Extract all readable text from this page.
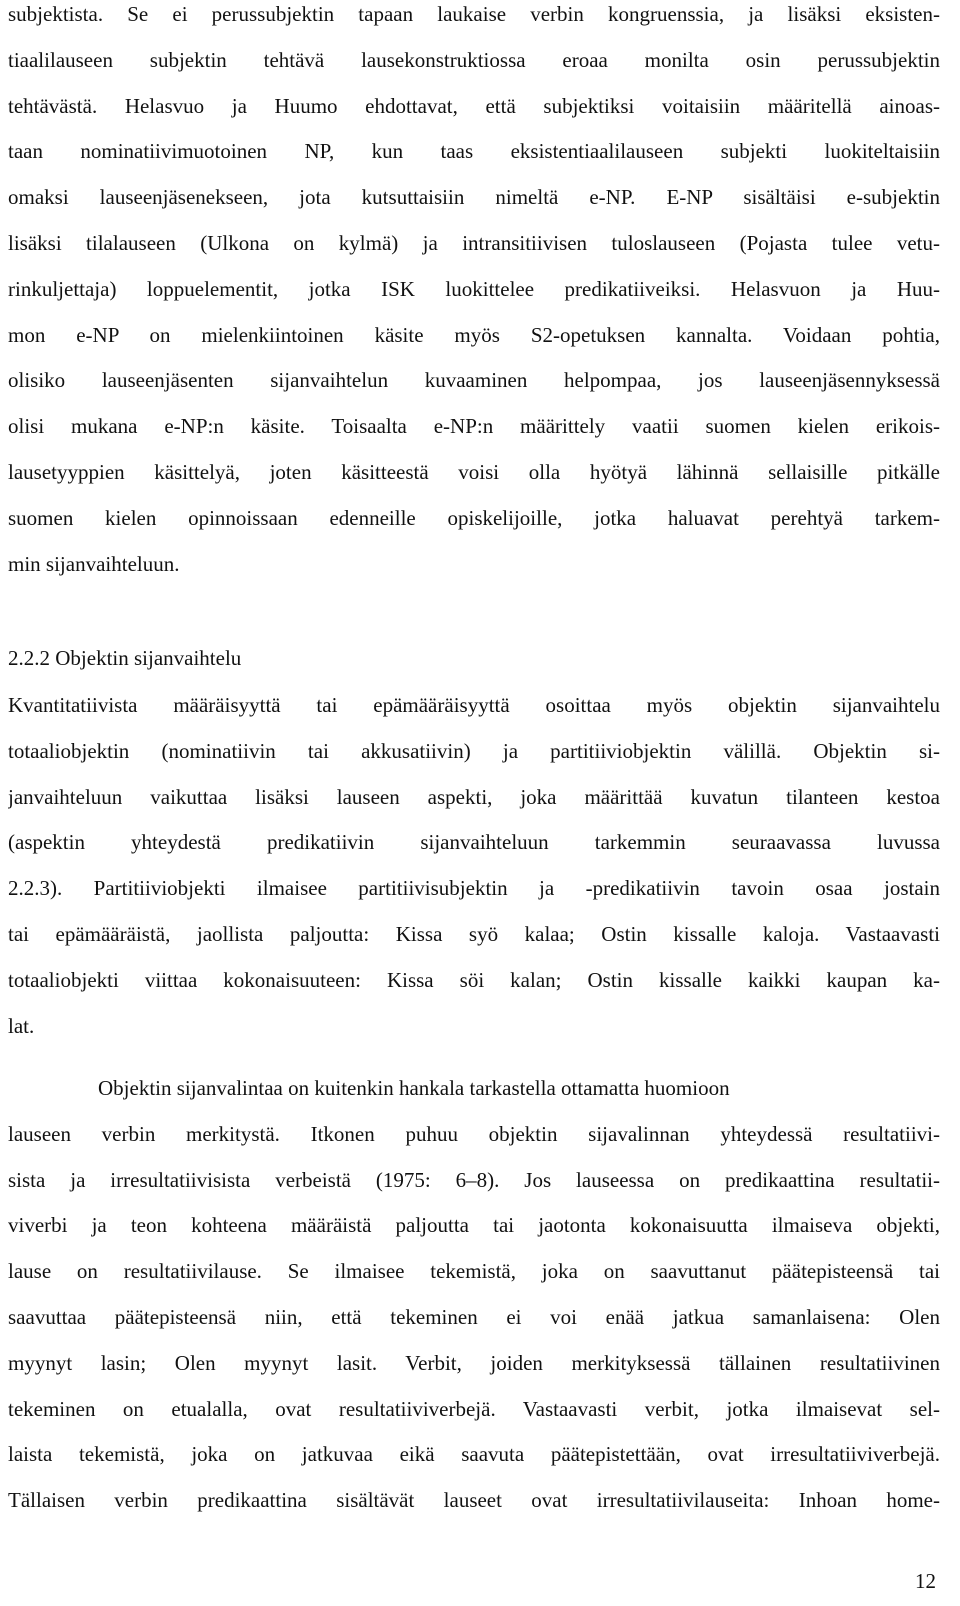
subjektista. Se ei perussubjektin tapaan laukaise verbin kongruenssia, ja lisäksi eksisten-
tiaalilauseen subjektin tehtävä lausekonstruktiossa eroaa monilta osin perussubjektin
tehtävästä. Helasvuo ja Huumo ehdottavat, että subjektiksi voitaisiin määritellä ainoas-
taan nominatiivimuotoinen NP, kun taas eksistentiaalilauseen subjekti luokiteltaisiin
omaksi lauseenjäsenekseen, jota kutsuttaisiin nimeltä e-NP. E-NP sisältäisi e-subjektin
lisäksi tilalauseen (Ulkona on kylmä) ja intransitiivisen tuloslauseen (Pojasta tulee vetu-
rinkuljettaja) loppuelementit, jotka ISK luokittelee predikatiiveiksi. Helasvuon ja Huu-
mon e-NP on mielenkiintoinen käsite myös S2-opetuksen kannalta. Voidaan pohtia,
olisiko lauseenjäsenten sijanvaihtelun kuvaaminen helpompaa, jos lauseenjäsennyksessä
olisi mukana e-NP:n käsite. Toisaalta e-NP:n määrittely vaatii suomen kielen erikois-
lausetyyppien käsittelyä, joten käsitteestä voisi olla hyötyä lähinnä sellaisille pitkälle
suomen kielen opinnoissaan edenneille opiskelijoille, jotka haluavat perehtyä tarkem-
min sijanvaihteluun.
2.2.2 Objektin sijanvaihtelu
Kvantitatiivista määräisyyttä tai epämääräisyyttä osoittaa myös objektin sijanvaihtelu
totaaliobjektin (nominatiivin tai akkusatiivin) ja partitiiviobjektin välillä. Objektin si-
janvaihteluun vaikuttaa lisäksi lauseen aspekti, joka määrittää kuvatun tilanteen kestoa
(aspektin yhteydestä predikatiivin sijanvaihteluun tarkemmin seuraavassa luvussa
2.2.3). Partitiiviobjekti ilmaisee partitiivisubjektin ja -predikatiivin tavoin osaa jostain
tai epämääräistä, jaollista paljoutta: Kissa syö kalaa; Ostin kissalle kaloja. Vastaavasti
totaaliobjekti viittaa kokonaisuuteen: Kissa söi kalan; Ostin kissalle kaikki kaupan ka-
lat.
Objektin sijanvalintaa on kuitenkin hankala tarkastella ottamatta huomioon
lauseen verbin merkitystä. Itkonen puhuu objektin sijavalinnan yhteydessä resultatiivi-
sista ja irresultatiivisista verbeistä (1975: 6–8). Jos lauseessa on predikaattina resultatii-
viverbi ja teon kohteena määräistä paljoutta tai jaotonta kokonaisuutta ilmaiseva objekti,
lause on resultatiivilause. Se ilmaisee tekemistä, joka on saavuttanut päätepisteensä tai
saavuttaa päätepisteensä niin, että tekeminen ei voi enää jatkua samanlaisena: Olen
myynyt lasin; Olen myynyt lasit. Verbit, joiden merkityksessä tällainen resultatiivinen
tekeminen on etualalla, ovat resultatiiviverbejä. Vastaavasti verbit, jotka ilmaisevat sel-
laista tekemistä, joka on jatkuvaa eikä saavuta päätepistettään, ovat irresultatiiviverbejä.
Tällaisen verbin predikaattina sisältävät lauseet ovat irresultatiivilauseita: Inhoan home-
12
